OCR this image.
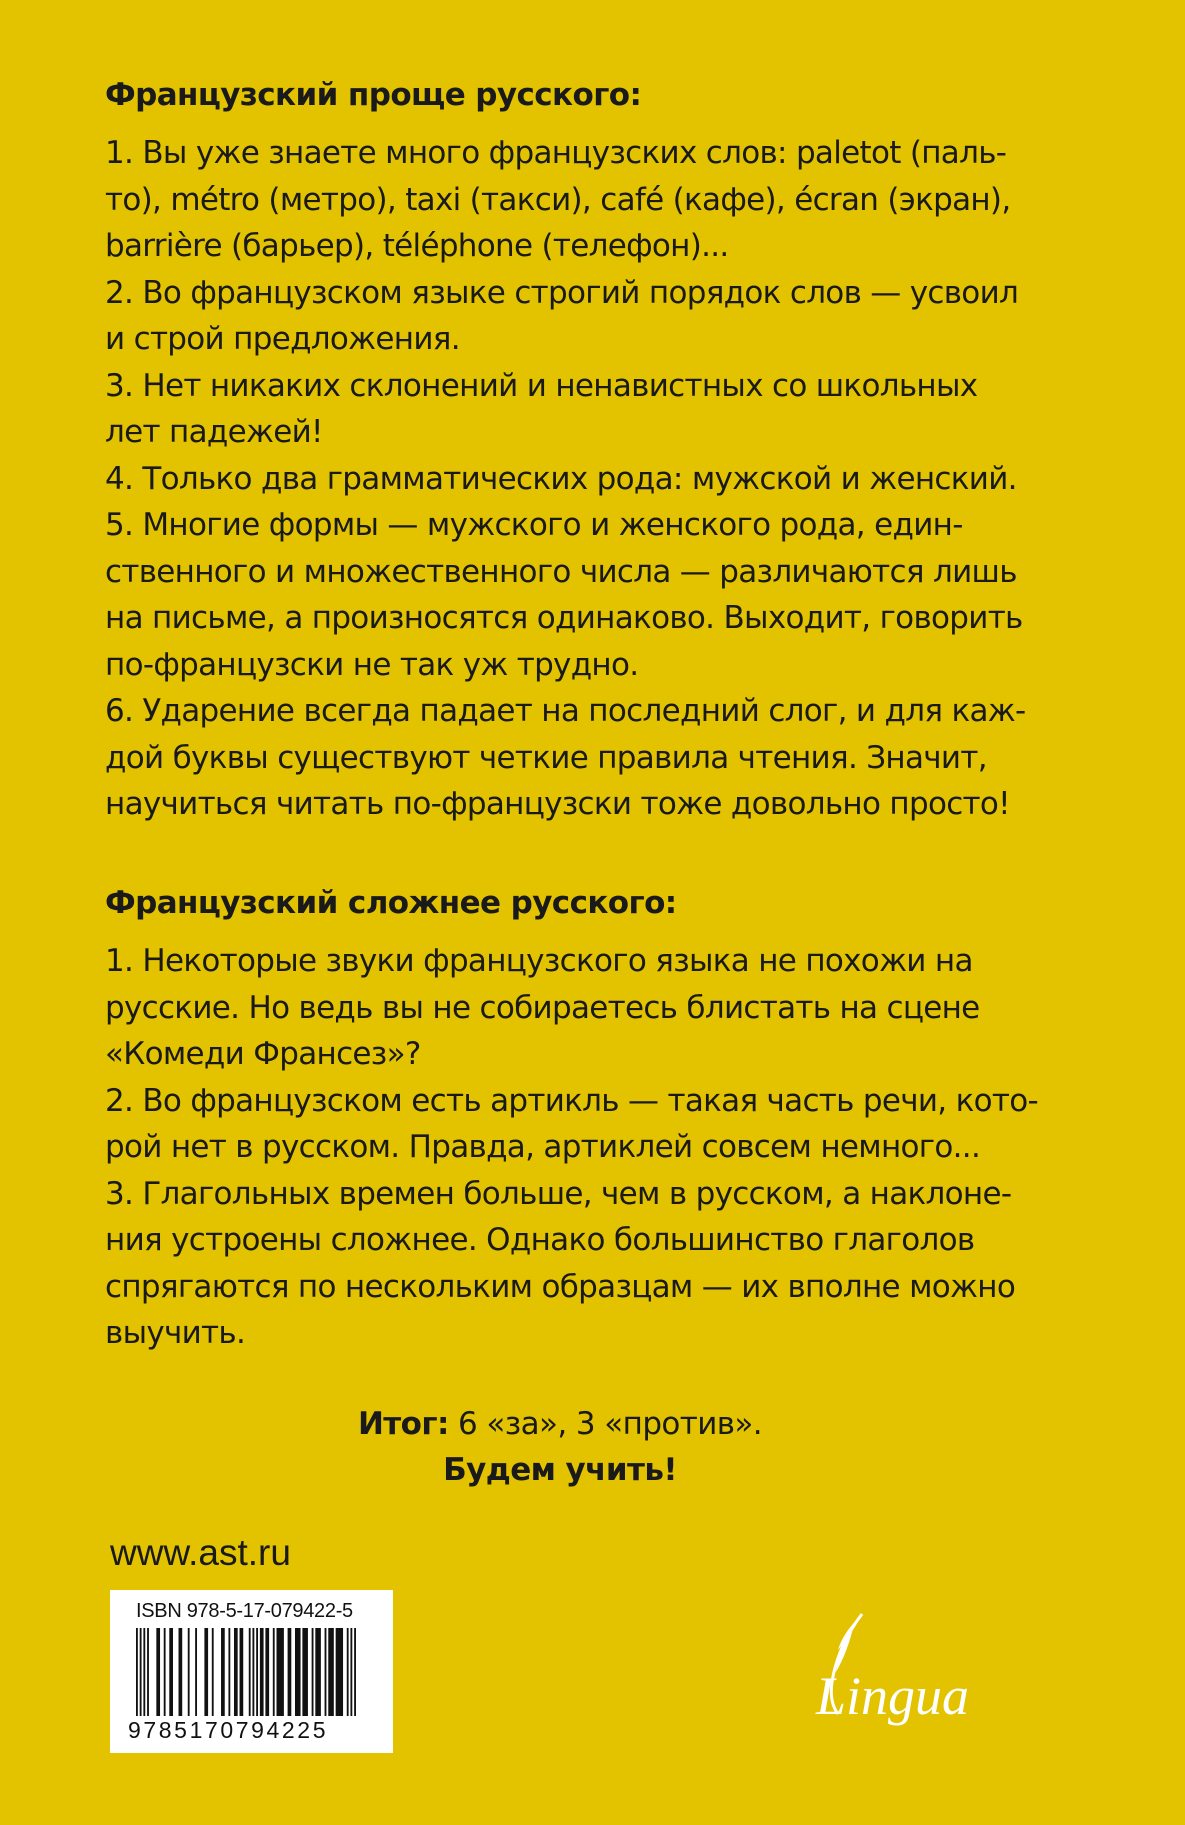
Французский проще русского:
1. Вы уже знаете много французских слов: paletot (паль-
то), métro (метро), taxi (такси), café (кафе), écran (экран),
barrière (барьер), téléphone (телефон)...
2. Во французском языке строгий порядок слов — усвоил
и строй предложения.
3. Нет никаких склонений и ненавистных со школьных
лет падежей!
4. Только два грамматических рода: мужской и женский.
5. Многие формы — мужского и женского рода, един-
ственного и множественного числа — различаются лишь
на письме, а произносятся одинаково. Выходит, говорить
по-французски не так уж трудно.
6. Ударение всегда падает на последний слог, и для каж-
дой буквы существуют четкие правила чтения. Значит,
научиться читать по-французски тоже довольно просто!
Французский сложнее русского:
1. Некоторые звуки французского языка не похожи на
русские. Но ведь вы не собираетесь блистать на сцене
«Комеди Франсез»?
2. Во французском есть артикль — такая часть речи, кото-
рой нет в русском. Правда, артиклей совсем немного...
3. Глагольных времен больше, чем в русском, а наклоне-
ния устроены сложнее. Однако большинство глаголов
спрягаются по нескольким образцам — их вполне можно
выучить.
Итог: 6 «за», 3 «против».
Будем учить!
www.ast.ru
ISBN 978-5-17-079422-5
9785170794225
Lingua
